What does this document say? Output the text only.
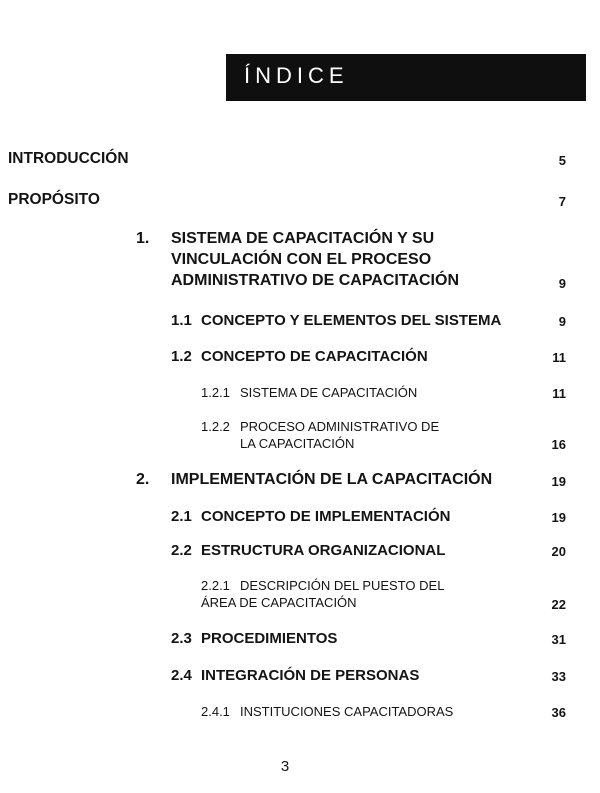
ÍNDICE
INTRODUCCIÓN	5
PROPÓSITO	7
1. SISTEMA DE CAPACITACIÓN Y SU
VINCULACIÓN CON EL PROCESO
ADMINISTRATIVO DE CAPACITACIÓN	9
1.1 CONCEPTO Y ELEMENTOS DEL SISTEMA	9
1.2 CONCEPTO DE CAPACITACIÓN	11
1.2.1 SISTEMA DE CAPACITACIÓN	11
1.2.2 PROCESO ADMINISTRATIVO DE
LA CAPACITACIÓN	16
2. IMPLEMENTACIÓN DE LA CAPACITACIÓN	19
2.1 CONCEPTO DE IMPLEMENTACIÓN	19
2.2 ESTRUCTURA ORGANIZACIONAL	20
2.2.1 DESCRIPCIÓN DEL PUESTO DEL
ÁREA DE CAPACITACIÓN	22
2.3 PROCEDIMIENTOS	31
2.4 INTEGRACIÓN DE PERSONAS	33
2.4.1 INSTITUCIONES CAPACITADORAS	36
3
